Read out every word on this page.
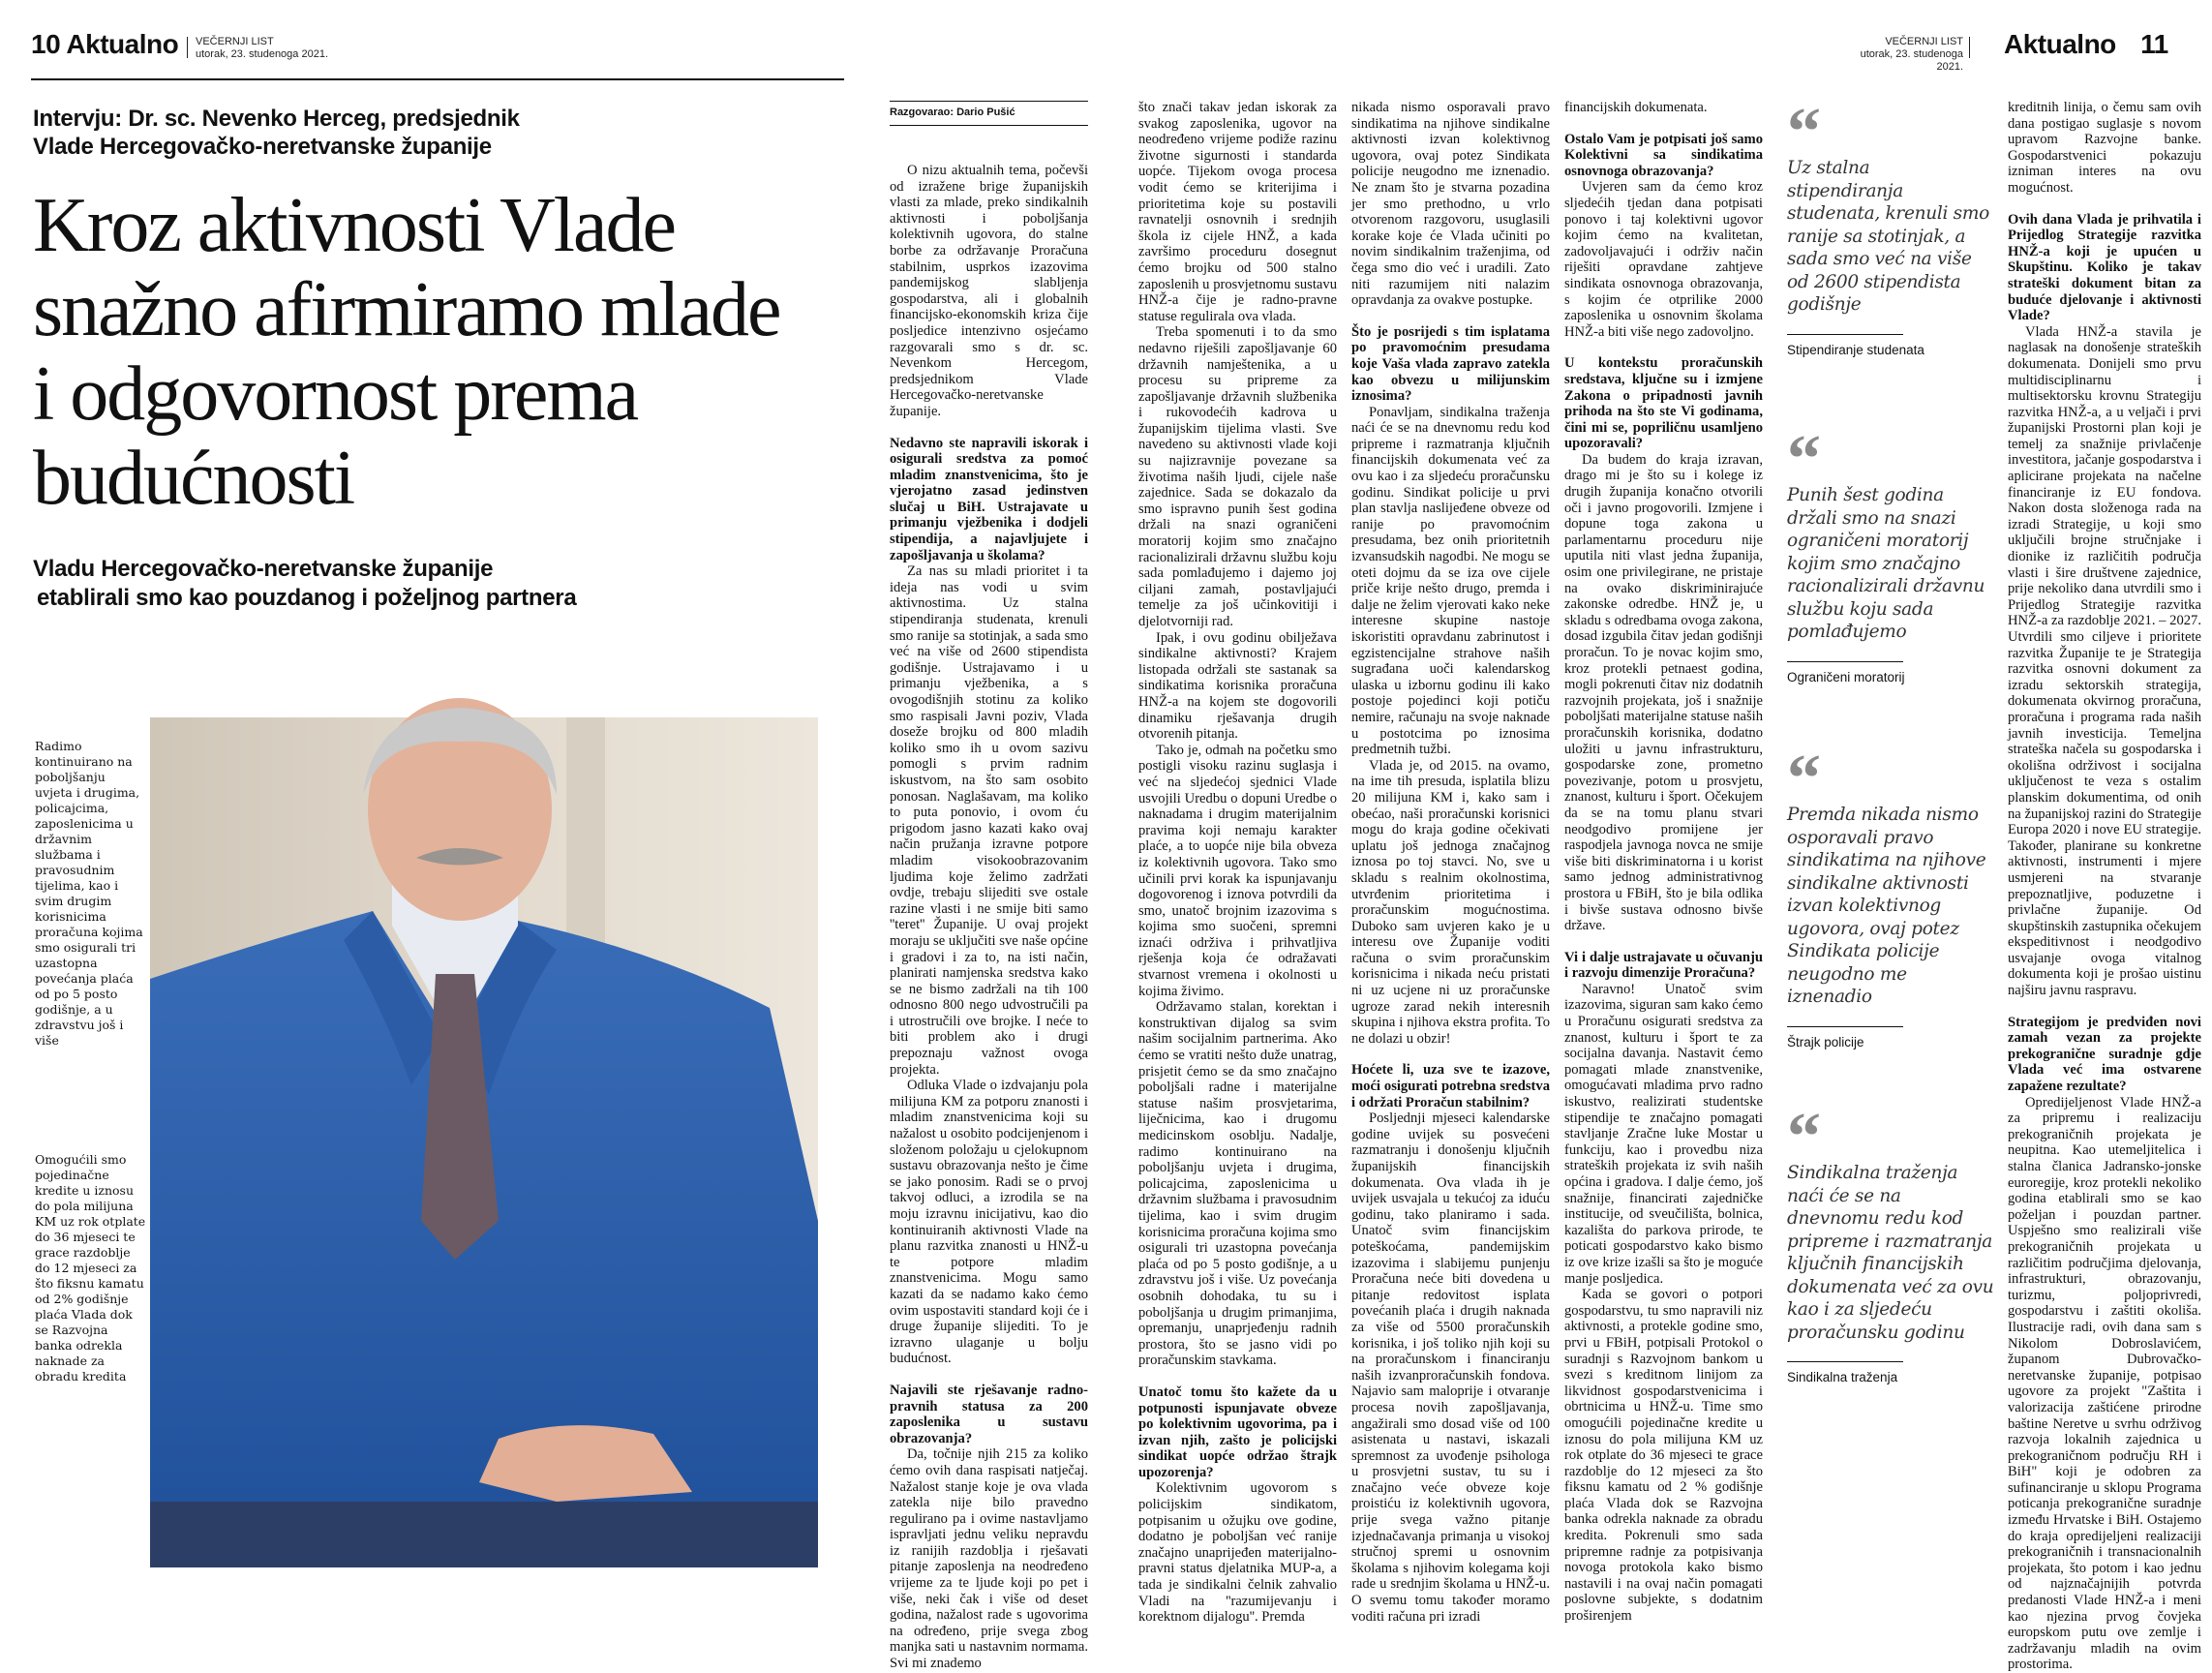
10 Aktualno VEČERNJI LIST
utorak, 23. studenoga 2021.
VEČERNJI LIST
utorak, 23. studenoga 2021.
Aktualno 11
Intervju: Dr. sc. Nevenko Herceg, predsjednik
Vlade Hercegovačko-neretvanske županije
Kroz aktivnosti Vlade snažno afirmiramo mlade i odgovornost prema budućnosti
Vladu Hercegovačko-neretvanske županije
etablirali smo kao pouzdanog i poželjnog partnera
Radimo kontinuirano na poboljšanju uvjeta i drugima, policajcima, zaposlenicima u državnim službama i pravosudnim tijelima, kao i svim drugim korisnicima proračuna kojima smo osigurali tri uzastopna povećanja plaća od po 5 posto godišnje, a u zdravstvu još i više
Omogućili smo pojedinačne kredite u iznosu do pola milijuna KM uz rok otplate do 36 mjeseci te grace razdoblje do 12 mjeseci za što fiksnu kamatu od 2% godišnje plaća Vlada dok se Razvojna banka odrekla naknade za obradu kredita
Razgovarao: Dario Pušić

O nizu aktualnih tema, počevši od izražene brige županijskih vlasti za mlade, preko sindikalnih aktivnosti i poboljšanja kolektivnih ugovora, do stalne borbe za održavanje Proračuna stabilnim, usprkos izazovima pandemijskog slabljenja gospodarstva, ali i globalnih financijsko-ekonomskih kriza čije posljedice intenzivno osjećamo razgovarali smo s dr. sc. Nevenkom Hercegom, predsjednikom Vlade Hercegovačko-neretvanske županije.

Nedavno ste napravili iskorak i osigurali sredstva za pomoć mladim znanstvenicima, što je vjerojatno zasad jedinstven slučaj u BiH. Ustrajavate u primanju vježbenika i dodjeli stipendija, a najavljujete i zapošljavanja u školama?

Za nas su mladi prioritet i ta ideja nas vodi u svim aktivnostima. Uz stalna stipendiranja studenata, krenuli smo ranije sa stotinjak, a sada smo već na više od 2600 stipendista godišnje. Ustrajavamo i u primanju vježbenika, a s ovogodišnjih stotinu za koliko smo raspisali Javni poziv, Vlada doseže brojku od 800 mladih koliko smo ih u ovom sazivu pomogli s prvim radnim iskustvom, na što sam osobito ponosan. Naglašavam, ma koliko to puta ponovio, i ovom ću prigodom jasno kazati kako ovaj način pružanja izravne potpore mladim visokoobrazovanim ljudima koje želimo zadržati ovdje, trebaju slijediti sve ostale razine vlasti i ne smije biti samo ''teret'' Županije. U ovaj projekt moraju se uključiti sve naše općine i gradovi i za to, na isti način, planirati namjenska sredstva kako se ne bismo zadržali na tih 100 odnosno 800 nego udvostručili pa i utrostručili ove brojke. I neće to biti problem ako i drugi prepoznaju važnost ovoga projekta.

Odluka Vlade o izdvajanju pola milijuna KM za potporu znanosti i mladim znanstvenicima koji su nažalost u osobito podcijenjenom i složenom položaju u cjelokupnom sustavu obrazovanja nešto je čime se jako ponosim. Radi se o prvoj takvoj odluci, a izrodila se na moju izravnu inicijativu, kao dio kontinuiranih aktivnosti Vlade na planu razvitka znanosti u HNŽ-u te potpore mladim znanstvenicima. Mogu samo kazati da se nadamo kako ćemo ovim uspostaviti standard koji će i druge županije slijediti. To je izravno ulaganje u bolju budućnost.

Najavili ste rješavanje radno-pravnih statusa za 200 zaposlenika u sustavu obrazovanja?

Da, točnije njih 215 za koliko ćemo ovih dana raspisati natječaj. Nažalost stanje koje je ova vlada zatekla nije bilo pravedno regulirano pa i ovime nastavljamo ispravljati jednu veliku nepravdu iz ranijih razdoblja i rješavati pitanje zaposlenja na neodređeno vrijeme za te ljude koji po pet i više, neki čak i više od deset godina, nažalost rade s ugovorima na određeno, prije svega zbog manjka sati u nastavnim normama. Svi mi znademo

što znači takav jedan iskorak za svakog zaposlenika, ugovor na neodređeno vrijeme podiže razinu životne sigurnosti i standarda uopće. Tijekom ovoga procesa vodit ćemo se kriterijima i prioritetima koje su postavili ravnatelji osnovnih i srednjih škola iz cijele HNŽ, a kada završimo proceduru dosegnut ćemo brojku od 500 stalno zaposlenih u prosvjetnomu sustavu HNŽ-a čije je radno-pravne statuse regulirala ova vlada.

Treba spomenuti i to da smo nedavno riješili zapošljavanje 60 državnih namještenika, a u procesu su pripreme za zapošljavanje državnih službenika i rukovodećih kadrova u županijskim tijelima vlasti. Sve navedeno su aktivnosti vlade koji su najizravnije povezane sa životima naših ljudi, cijele naše zajednice. Sada se dokazalo da smo ispravno punih šest godina držali na snazi ograničeni moratorij kojim smo značajno racionalizirali državnu službu koju sada pomlađujemo i dajemo joj ciljani zamah, postavljajući temelje za još učinkovitiji i djelotvorniji rad.

Ipak, i ovu godinu obilježava sindikalne aktivnosti? Krajem listopada održali ste sastanak sa sindikatima korisnika proračuna HNŽ-a na kojem ste dogovorili dinamiku rješavanja drugih otvorenih pitanja.

Tako je, odmah na početku smo postigli visoku razinu suglasja i već na sljedećoj sjednici Vlade usvojili Uredbu o dopuni Uredbe o naknadama i drugim materijalnim pravima koji nemaju karakter plaće, a to uopće nije bila obveza iz kolektivnih ugovora. Tako smo učinili prvi korak ka ispunjavanju dogovorenog i iznova potvrdili da smo, unatoč brojnim izazovima s kojima smo suočeni, spremni iznaći održiva i prihvatljiva rješenja koja će odražavati stvarnost vremena i okolnosti u kojima živimo.

Održavamo stalan, korektan i konstruktivan dijalog sa svim našim socijalnim partnerima. Ako ćemo se vratiti nešto duže unatrag, prisjetit ćemo se da smo značajno poboljšali radne i materijalne statuse našim prosvjetarima, liječnicima, kao i drugomu medicinskom osoblju. Nadalje, radimo kontinuirano na poboljšanju uvjeta i drugima, policajcima, zaposlenicima u državnim službama i pravosudnim tijelima, kao i svim drugim korisnicima proračuna kojima smo osigurali tri uzastopna povećanja plaća od po 5 posto godišnje, a u zdravstvu još i više. Uz povećanja osobnih dohodaka, tu su i poboljšanja u drugim primanjima, opremanju, unaprjeđenju radnih prostora, što se jasno vidi po proračunskim stavkama.

Unatoč tomu što kažete da u potpunosti ispunjavate obveze po kolektivnim ugovorima, pa i izvan njih, zašto je policijski sindikat uopće održao štrajk upozorenja?

Kolektivnim ugovorom s policijskim sindikatom, potpisanim u ožujku ove godine, dodatno je poboljšan već ranije značajno unaprijeđen materijalno-pravni status djelatnika MUP-a, a tada je sindikalni čelnik zahvalio Vladi na ''razumijevanju i korektnom dijalogu''. Premda

nikada nismo osporavali pravo sindikatima na njihove sindikalne aktivnosti izvan kolektivnog ugovora, ovaj potez Sindikata policije neugodno me iznenadio. Ne znam što je stvarna pozadina jer smo prethodno, u vrlo otvorenom razgovoru, usuglasili korake koje će Vlada učiniti po novim sindikalnim traženjima, od čega smo dio već i uradili. Zato niti razumijem niti nalazim opravdanja za ovakve postupke.

Što je posrijedi s tim isplatama po pravomoćnim presudama koje Vaša vlada zapravo zatekla kao obvezu u milijunskim iznosima?

Ponavljam, sindikalna traženja naći će se na dnevnomu redu kod pripreme i razmatranja ključnih financijskih dokumenata već za ovu kao i za sljedeću proračunsku godinu. Sindikat policije u prvi plan stavlja naslijeđene obveze od ranije po pravomoćnim presudama, bez onih prioritetnih izvansudskih nagodbi. Ne mogu se oteti dojmu da se iza ove cijele priče krije nešto drugo, premda i dalje ne želim vjerovati kako neke interesne skupine nastoje iskoristiti opravdanu zabrinutost i egzistencijalne strahove naših sugrađana uoči kalendarskog ulaska u izbornu godinu ili kako postoje pojedinci koji potiču nemire, računaju na svoje naknade u postotcima po iznosima predmetnih tužbi.

Vlada je, od 2015. na ovamo, na ime tih presuda, isplatila blizu 20 milijuna KM i, kako sam i obećao, naši proračunski korisnici mogu do kraja godine očekivati uplatu još jednoga značajnog iznosa po toj stavci. No, sve u skladu s realnim okolnostima, utvrđenim prioritetima i proračunskim mogućnostima. Duboko sam uvjeren kako je u interesu ove Županije voditi računa o svim proračunskim korisnicima i nikada neću pristati ni uz ucjene ni uz proračunske ugroze zarad nekih interesnih skupina i njihova ekstra profita. To ne dolazi u obzir!

Hoćete li, uza sve te izazove, moći osigurati potrebna sredstva i održati Proračun stabilnim?

Posljednji mjeseci kalendarske godine uvijek su posvećeni razmatranju i donošenju ključnih županijskih financijskih dokumenata. Ova vlada ih je uvijek usvajala u tekućoj za iduću godinu, tako planiramo i sada. Unatoč svim financijskim poteškoćama, pandemijskim izazovima i slabijemu punjenju Proračuna neće biti dovedena u pitanje redovitost isplata povećanih plaća i drugih naknada za više od 5500 proračunskih korisnika, i još toliko njih koji su na proračunskom i financiranju naših izvanproračunskih fondova. Najavio sam maloprije i otvaranje procesa novih zapošljavanja, angažirali smo dosad više od 100 asistenata u nastavi, iskazali spremnost za uvođenje psihologa u prosvjetni sustav, tu su i značajno veće obveze koje proistiću iz kolektivnih ugovora, prije svega važno pitanje izjednačavanja primanja u visokoj stručnoj spremi u osnovnim školama s njihovim kolegama koji rade u srednjim školama u HNŽ-u. O svemu tomu također moramo voditi računa pri izradi

financijskih dokumenata.

Ostalo Vam je potpisati još samo Kolektivni sa sindikatima osnovnoga obrazovanja?

Uvjeren sam da ćemo kroz sljedećih tjedan dana potpisati ponovo i taj kolektivni ugovor kojim ćemo na kvalitetan, zadovoljavajući i održiv način riješiti opravdane zahtjeve sindikata osnovnoga obrazovanja, s kojim će otprilike 2000 zaposlenika u osnovnim školama HNŽ-a biti više nego zadovoljno.

U kontekstu proračunskih sredstava, ključne su i izmjene Zakona o pripadnosti javnih prihoda na što ste Vi godinama, čini mi se, popriličnu usamljeno upozoravali?

Da budem do kraja izravan, drago mi je što su i kolege iz drugih županija konačno otvorili oči i javno progovorili. Izmjene i dopune toga zakona u parlamentarnu proceduru nije uputila niti vlast jedna županija, osim one privilegirane, ne pristaje na ovako diskriminirajuće zakonske odredbe. HNŽ je, u skladu s odredbama ovoga zakona, dosad izgubila čitav jedan godišnji proračun. To je novac kojim smo, kroz protekli petnaest godina, mogli pokrenuti čitav niz dodatnih razvojnih projekata, još i snažnije poboljšati materijalne statuse naših proračunskih korisnika, dodatno uložiti u javnu infrastrukturu, gospodarske zone, prometno povezivanje, potom u prosvjetu, znanost, kulturu i šport. Očekujem da se na tomu planu stvari neodgodivo promijene jer raspodjela javnoga novca ne smije više biti diskriminatorna i u korist samo jednog administrativnog prostora u FBiH, što je bila odlika i bivše sustava odnosno bivše države.

Vi i dalje ustrajavate u očuvanju i razvoju dimenzije Proračuna?

Naravno! Unatoč svim izazovima, siguran sam kako ćemo u Proračunu osigurati sredstva za znanost, kulturu i šport te za socijalna davanja. Nastavit ćemo pomagati mlade znanstvenike, omogućavati mladima prvo radno iskustvo, realizirati studentske stipendije te značajno pomagati stavljanje Zračne luke Mostar u funkciju, kao i provedbu niza strateških projekata iz svih naših općina i gradova. I dalje ćemo, još snažnije, financirati zajedničke institucije, od sveučilišta, bolnica, kazališta do parkova prirode, te poticati gospodarstvo kako bismo iz ove krize izašli sa što je moguće manje posljedica.

Kada se govori o potpori gospodarstvu, tu smo napravili niz aktivnosti, a protekle godine smo, prvi u FBiH, potpisali Protokol o suradnji s Razvojnom bankom u svezi s kreditnom linijom za likvidnost gospodarstvenicima i obrtnicima u HNŽ-u. Time smo omogućili pojedinačne kredite u iznosu do pola milijuna KM uz rok otplate do 36 mjeseci te grace razdoblje do 12 mjeseci za što fiksnu kamatu od 2 % godišnje plaća Vlada dok se Razvojna banka odrekla naknade za obradu kredita. Pokrenuli smo sada pripremne radnje za potpisivanja novoga protokola kako bismo nastavili i na ovaj način pomagati poslovne subjekte, s dodatnim proširenjem

kreditnih linija, o čemu sam ovih dana postigao suglasje s novom upravom Razvojne banke. Gospodarstvenici pokazuju izniman interes na ovu mogućnost.

Ovih dana Vlada je prihvatila i Prijedlog Strategije razvitka HNŽ-a koji je upućen u Skupštinu. Koliko je takav strateški dokument bitan za buduće djelovanje i aktivnosti Vlade?

Vlada HNŽ-a stavila je naglasak na donošenje strateških dokumenata. Donijeli smo prvu multidisciplinarnu i multisektorsku krovnu Strategiju razvitka HNŽ-a, a u veljači i prvi županijski Prostorni plan koji je temelj za snažnije privlačenje investitora, jačanje gospodarstva i aplicirane projekata na načelne financiranje iz EU fondova. Nakon dosta složenoga rada na izradi Strategije, u koji smo uključili brojne stručnjake i dionike iz različitih područja vlasti i šire društvene zajednice, prije nekoliko dana utvrdili smo i Prijedlog Strategije razvitka HNŽ-a za razdoblje 2021. – 2027. Utvrdili smo ciljeve i prioritete razvitka Županije te je Strategija razvitka osnovni dokument za izradu sektorskih strategija, dokumenata okvirnog proračuna, proračuna i programa rada naših javnih investicija. Temeljna strateška načela su gospodarska i okolišna održivost i socijalna uključenost te veza s ostalim planskim dokumentima, od onih na županijskoj razini do Strategije Europa 2020 i nove EU strategije. Također, planirane su konkretne aktivnosti, instrumenti i mjere usmjereni na stvaranje prepoznatljive, poduzetne i privlačne županije. Od skupštinskih zastupnika očekujem ekspeditivnost i neodgodivo usvajanje ovoga vitalnog dokumenta koji je prošao uistinu najširu javnu raspravu.

Strategijom je predviđen novi zamah vezan za projekte prekogranične suradnje gdje Vlada već ima ostvarene zapažene rezultate?

Opredijeljenost Vlade HNŽ-a za pripremu i realizaciju prekograničnih projekata je neupitna. Kao utemeljitelica i stalna članica Jadransko-jonske euroregije, kroz protekli nekoliko godina etablirali smo se kao poželjan i pouzdan partner. Uspješno smo realizirali više prekograničnih projekata u različitim područjima djelovanja, infrastrukturi, obrazovanju, turizmu, poljoprivredi, gospodarstvu i zaštiti okoliša. Ilustracije radi, ovih dana sam s Nikolom Dobroslavićem, županom Dubrovačko-neretvanske županije, potpisao ugovore za projekt "Zaštita i valorizacija zaštićene prirodne baštine Neretve u svrhu održivog razvoja lokalnih zajednica u prekograničnom području RH i BiH" koji je odobren za sufinanciranje u sklopu Programa poticanja prekogranične suradnje između Hrvatske i BiH. Ostajemo do kraja opredijeljeni realizaciji prekograničnih i transnacionalnih projekata, što potom i kao jednu od najznačajnijih potvrda predanosti Vlade HNŽ-a i meni kao njezina prvog čovjeka europskom putu ove zemlje i zadržavanju mladih na ovim prostorima.

“
Uz stalna stipendiranja studenata, krenuli smo ranije sa stotinjak, a sada smo već na više od 2600 stipendista godišnje
Stipendiranje studenata
“
Punih šest godina držali smo na snazi ograničeni moratorij kojim smo značajno racionalizirali državnu službu koju sada pomlađujemo
Ograničeni moratorij
“
Premda nikada nismo osporavali pravo sindikatima na njihove sindikalne aktivnosti izvan kolektivnog ugovora, ovaj potez Sindikata policije neugodno me iznenadio
Štrajk policije
“
Sindikalna traženja naći će se na dnevnomu redu kod pripreme i razmatranja ključnih financijskih dokumenata već za ovu kao i za sljedeću proračunsku godinu
Sindikalna traženja
